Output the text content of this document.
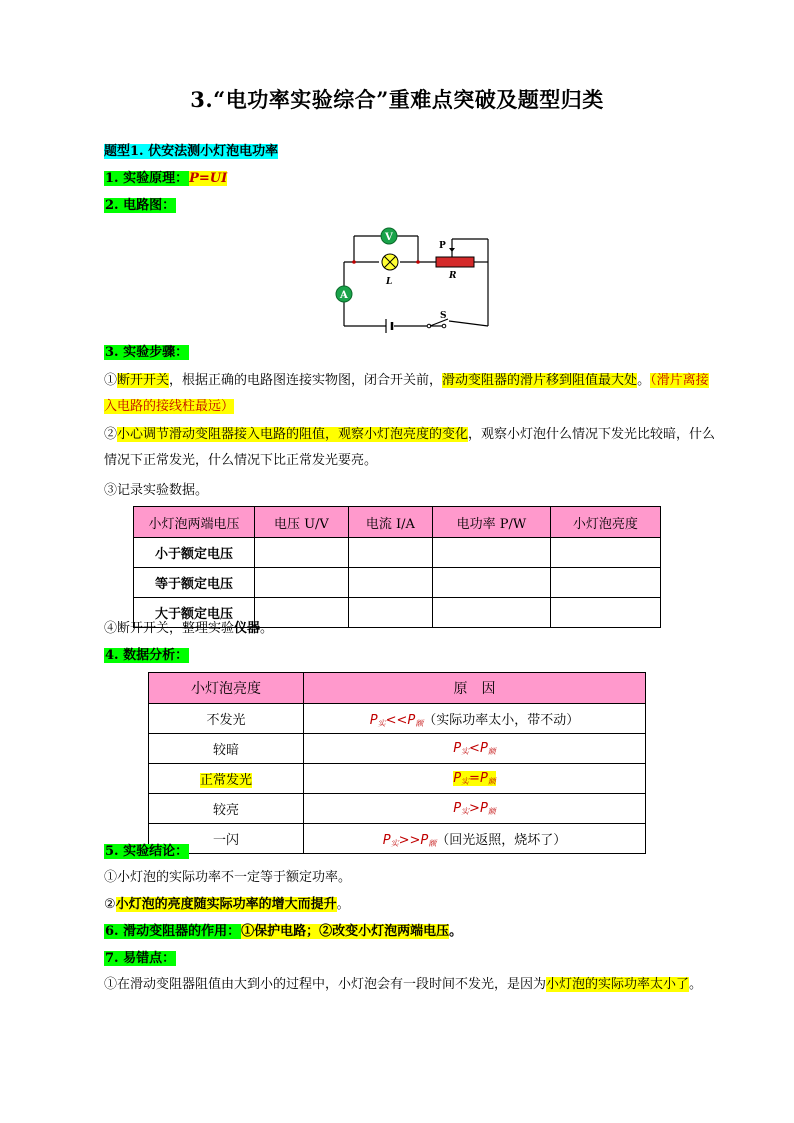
3.“电功率实验综合”重难点突破及题型归类
题型1. 伏安法测小灯泡电功率
1. 实验原理：P=UI
2. 电路图：
S
V
L
P
R
A
3. 实验步骤：
①断开开关，根据正确的电路图连接实物图，闭合开关前，滑动变阻器的滑片移到阻值最大处。（滑片离接入电路的接线柱最远）
②小心调节滑动变阻器接入电路的阻值，观察小灯泡亮度的变化，观察小灯泡什么情况下发光比较暗，什么情况下正常发光，什么情况下比正常发光要亮。
③记录实验数据。
小灯泡两端电压	电压 U/V	电流 I/A	电功率 P/W	小灯泡亮度
小于额定电压				
等于额定电压				
大于额定电压				
④断开开关，整理实验仪器。
4. 数据分析：
小灯泡亮度	原　因
不发光	$P_实<<P_额$（实际功率太小，带不动）
较暗	$P_实<P_额$
正常发光	$P_实=P_额$
较亮	$P_实>P_额$
一闪	$P_实>>P_额$（回光返照，烧坏了）
5. 实验结论：
①小灯泡的实际功率不一定等于额定功率。
②小灯泡的亮度随实际功率的增大而提升。
6. 滑动变阻器的作用：①保护电路；②改变小灯泡两端电压。
7. 易错点：
①在滑动变阻器阻值由大到小的过程中，小灯泡会有一段时间不发光，是因为小灯泡的实际功率太小了。
